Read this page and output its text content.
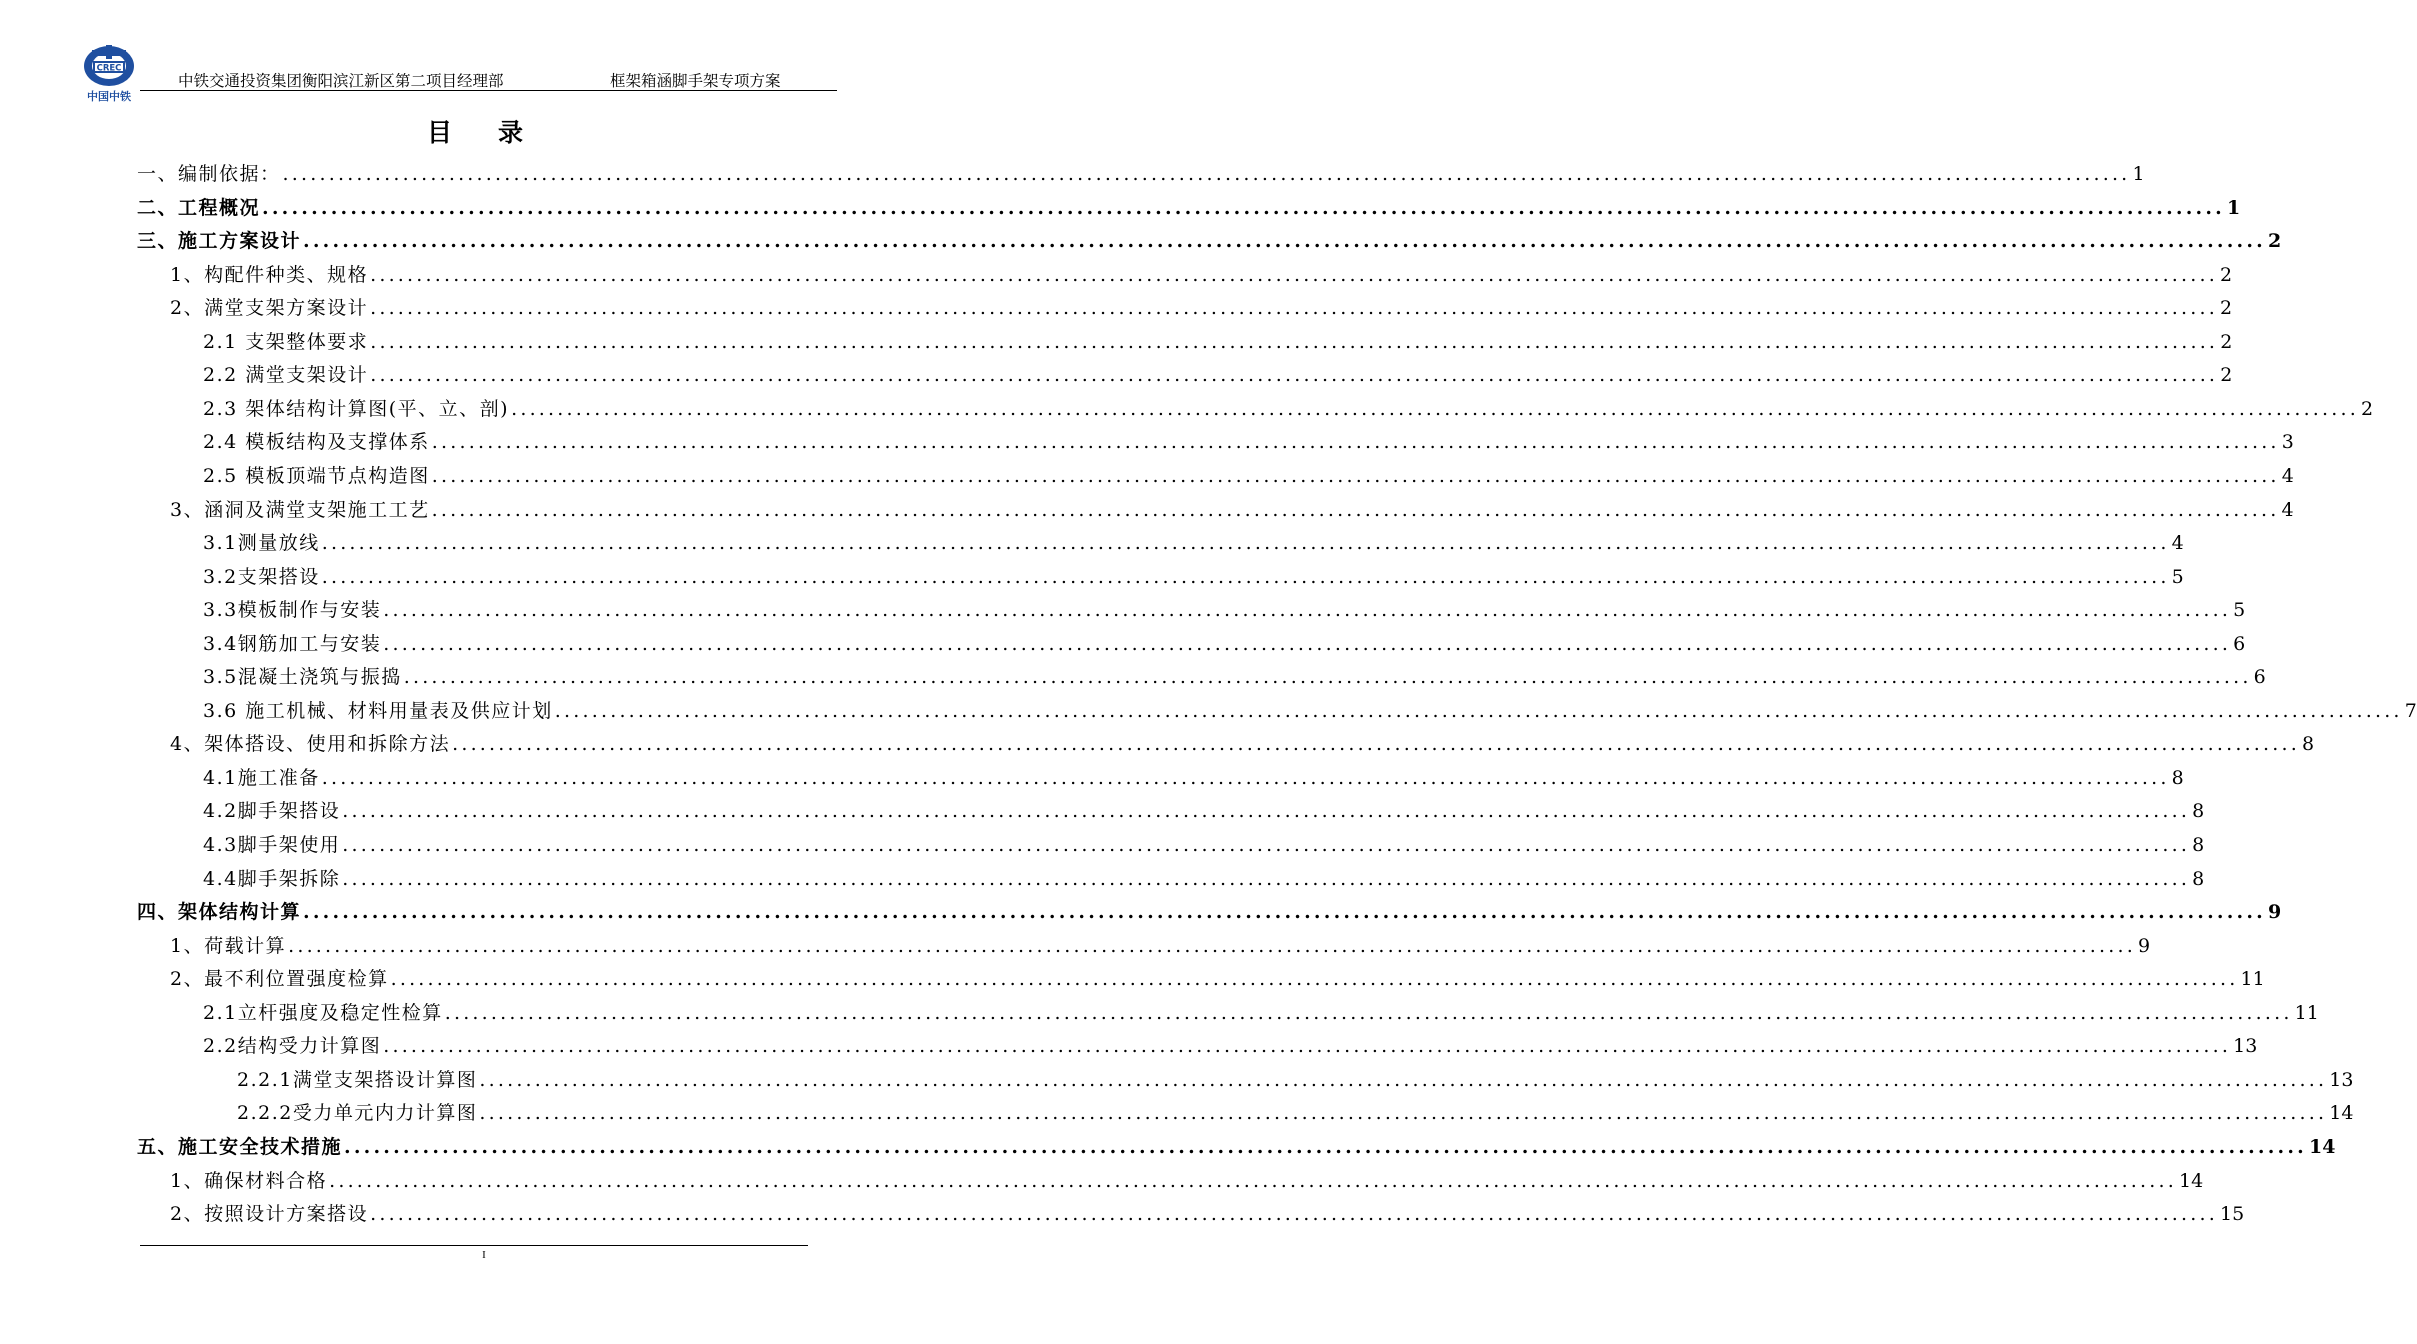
CREC
中国中铁
中铁交通投资集团衡阳滨江新区第二项目经理部	框架箱涵脚手架专项方案
目录
一、编制依据： ........................................................................................................................................................................................................ 1
二、工程概况 ........................................................................................................................................................................................................ 1
三、施工方案设计 ........................................................................................................................................................................................................ 2
1、构配件种类、规格 ........................................................................................................................................................................................................ 2
2、满堂支架方案设计 ........................................................................................................................................................................................................ 2
2.1 支架整体要求 ........................................................................................................................................................................................................ 2
2.2 满堂支架设计 ........................................................................................................................................................................................................ 2
2.3 架体结构计算图(平、立、剖) ........................................................................................................................................................................................................ 2
2.4 模板结构及支撑体系 ........................................................................................................................................................................................................ 3
2.5 模板顶端节点构造图 ........................................................................................................................................................................................................ 4
3、涵洞及满堂支架施工工艺 ........................................................................................................................................................................................................ 4
3.1测量放线 ........................................................................................................................................................................................................ 4
3.2支架搭设 ........................................................................................................................................................................................................ 5
3.3模板制作与安装 ........................................................................................................................................................................................................ 5
3.4钢筋加工与安装 ........................................................................................................................................................................................................ 6
3.5混凝土浇筑与振捣 ........................................................................................................................................................................................................ 6
3.6 施工机械、材料用量表及供应计划 ........................................................................................................................................................................................................ 7
4、架体搭设、使用和拆除方法 ........................................................................................................................................................................................................ 8
4.1施工准备 ........................................................................................................................................................................................................ 8
4.2脚手架搭设 ........................................................................................................................................................................................................ 8
4.3脚手架使用 ........................................................................................................................................................................................................ 8
4.4脚手架拆除 ........................................................................................................................................................................................................ 8
四、架体结构计算 ........................................................................................................................................................................................................ 9
1、荷载计算 ........................................................................................................................................................................................................ 9
2、最不利位置强度检算 ........................................................................................................................................................................................................ 11
2.1立杆强度及稳定性检算 ........................................................................................................................................................................................................ 11
2.2结构受力计算图 ........................................................................................................................................................................................................ 13
2.2.1满堂支架搭设计算图 ........................................................................................................................................................................................................ 13
2.2.2受力单元内力计算图 ........................................................................................................................................................................................................ 14
五、施工安全技术措施 ........................................................................................................................................................................................................ 14
1、确保材料合格 ........................................................................................................................................................................................................ 14
2、按照设计方案搭设 ........................................................................................................................................................................................................ 15
I
